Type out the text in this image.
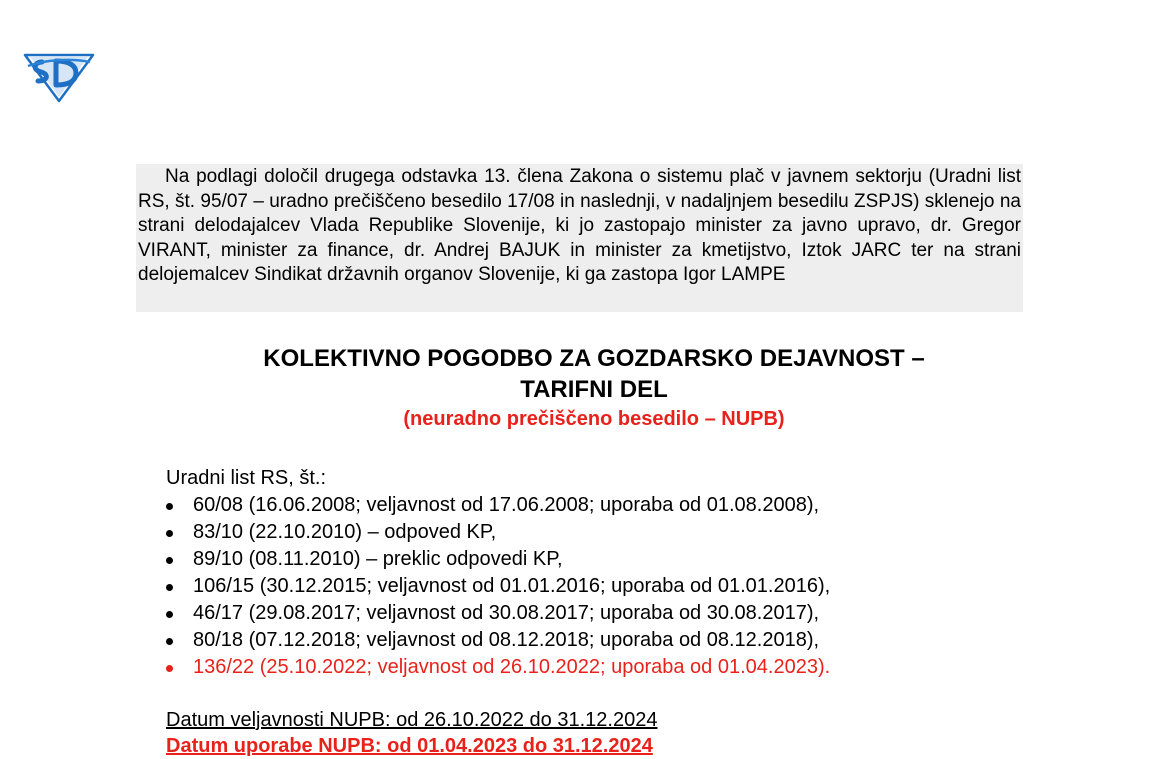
Na podlagi določil drugega odstavka 13. člena Zakona o sistemu plač v javnem sektorju (Uradni list RS, št. 95/07 – uradno prečiščeno besedilo 17/08 in naslednji, v nadaljnjem besedilu ZSPJS) sklenejo na strani delodajalcev Vlada Republike Slovenije, ki jo zastopajo minister za javno upravo, dr. Gregor VIRANT, minister za finance, dr. Andrej BAJUK in minister za kmetijstvo, Iztok JARC ter na strani delojemalcev Sindikat državnih organov Slovenije, ki ga zastopa Igor LAMPE
KOLEKTIVNO POGODBO ZA GOZDARSKO DEJAVNOST –
TARIFNI DEL
(neuradno prečiščeno besedilo – NUPB)
Uradni list RS, št.:
60/08 (16.06.2008; veljavnost od 17.06.2008; uporaba od 01.08.2008),
83/10 (22.10.2010) – odpoved KP,
89/10 (08.11.2010) – preklic odpovedi KP,
106/15 (30.12.2015; veljavnost od 01.01.2016; uporaba od 01.01.2016),
46/17 (29.08.2017; veljavnost od 30.08.2017; uporaba od 30.08.2017),
80/18 (07.12.2018; veljavnost od 08.12.2018; uporaba od 08.12.2018),
136/22 (25.10.2022; veljavnost od 26.10.2022; uporaba od 01.04.2023).
Datum veljavnosti NUPB: od 26.10.2022 do 31.12.2024
Datum uporabe NUPB: od 01.04.2023 do 31.12.2024
